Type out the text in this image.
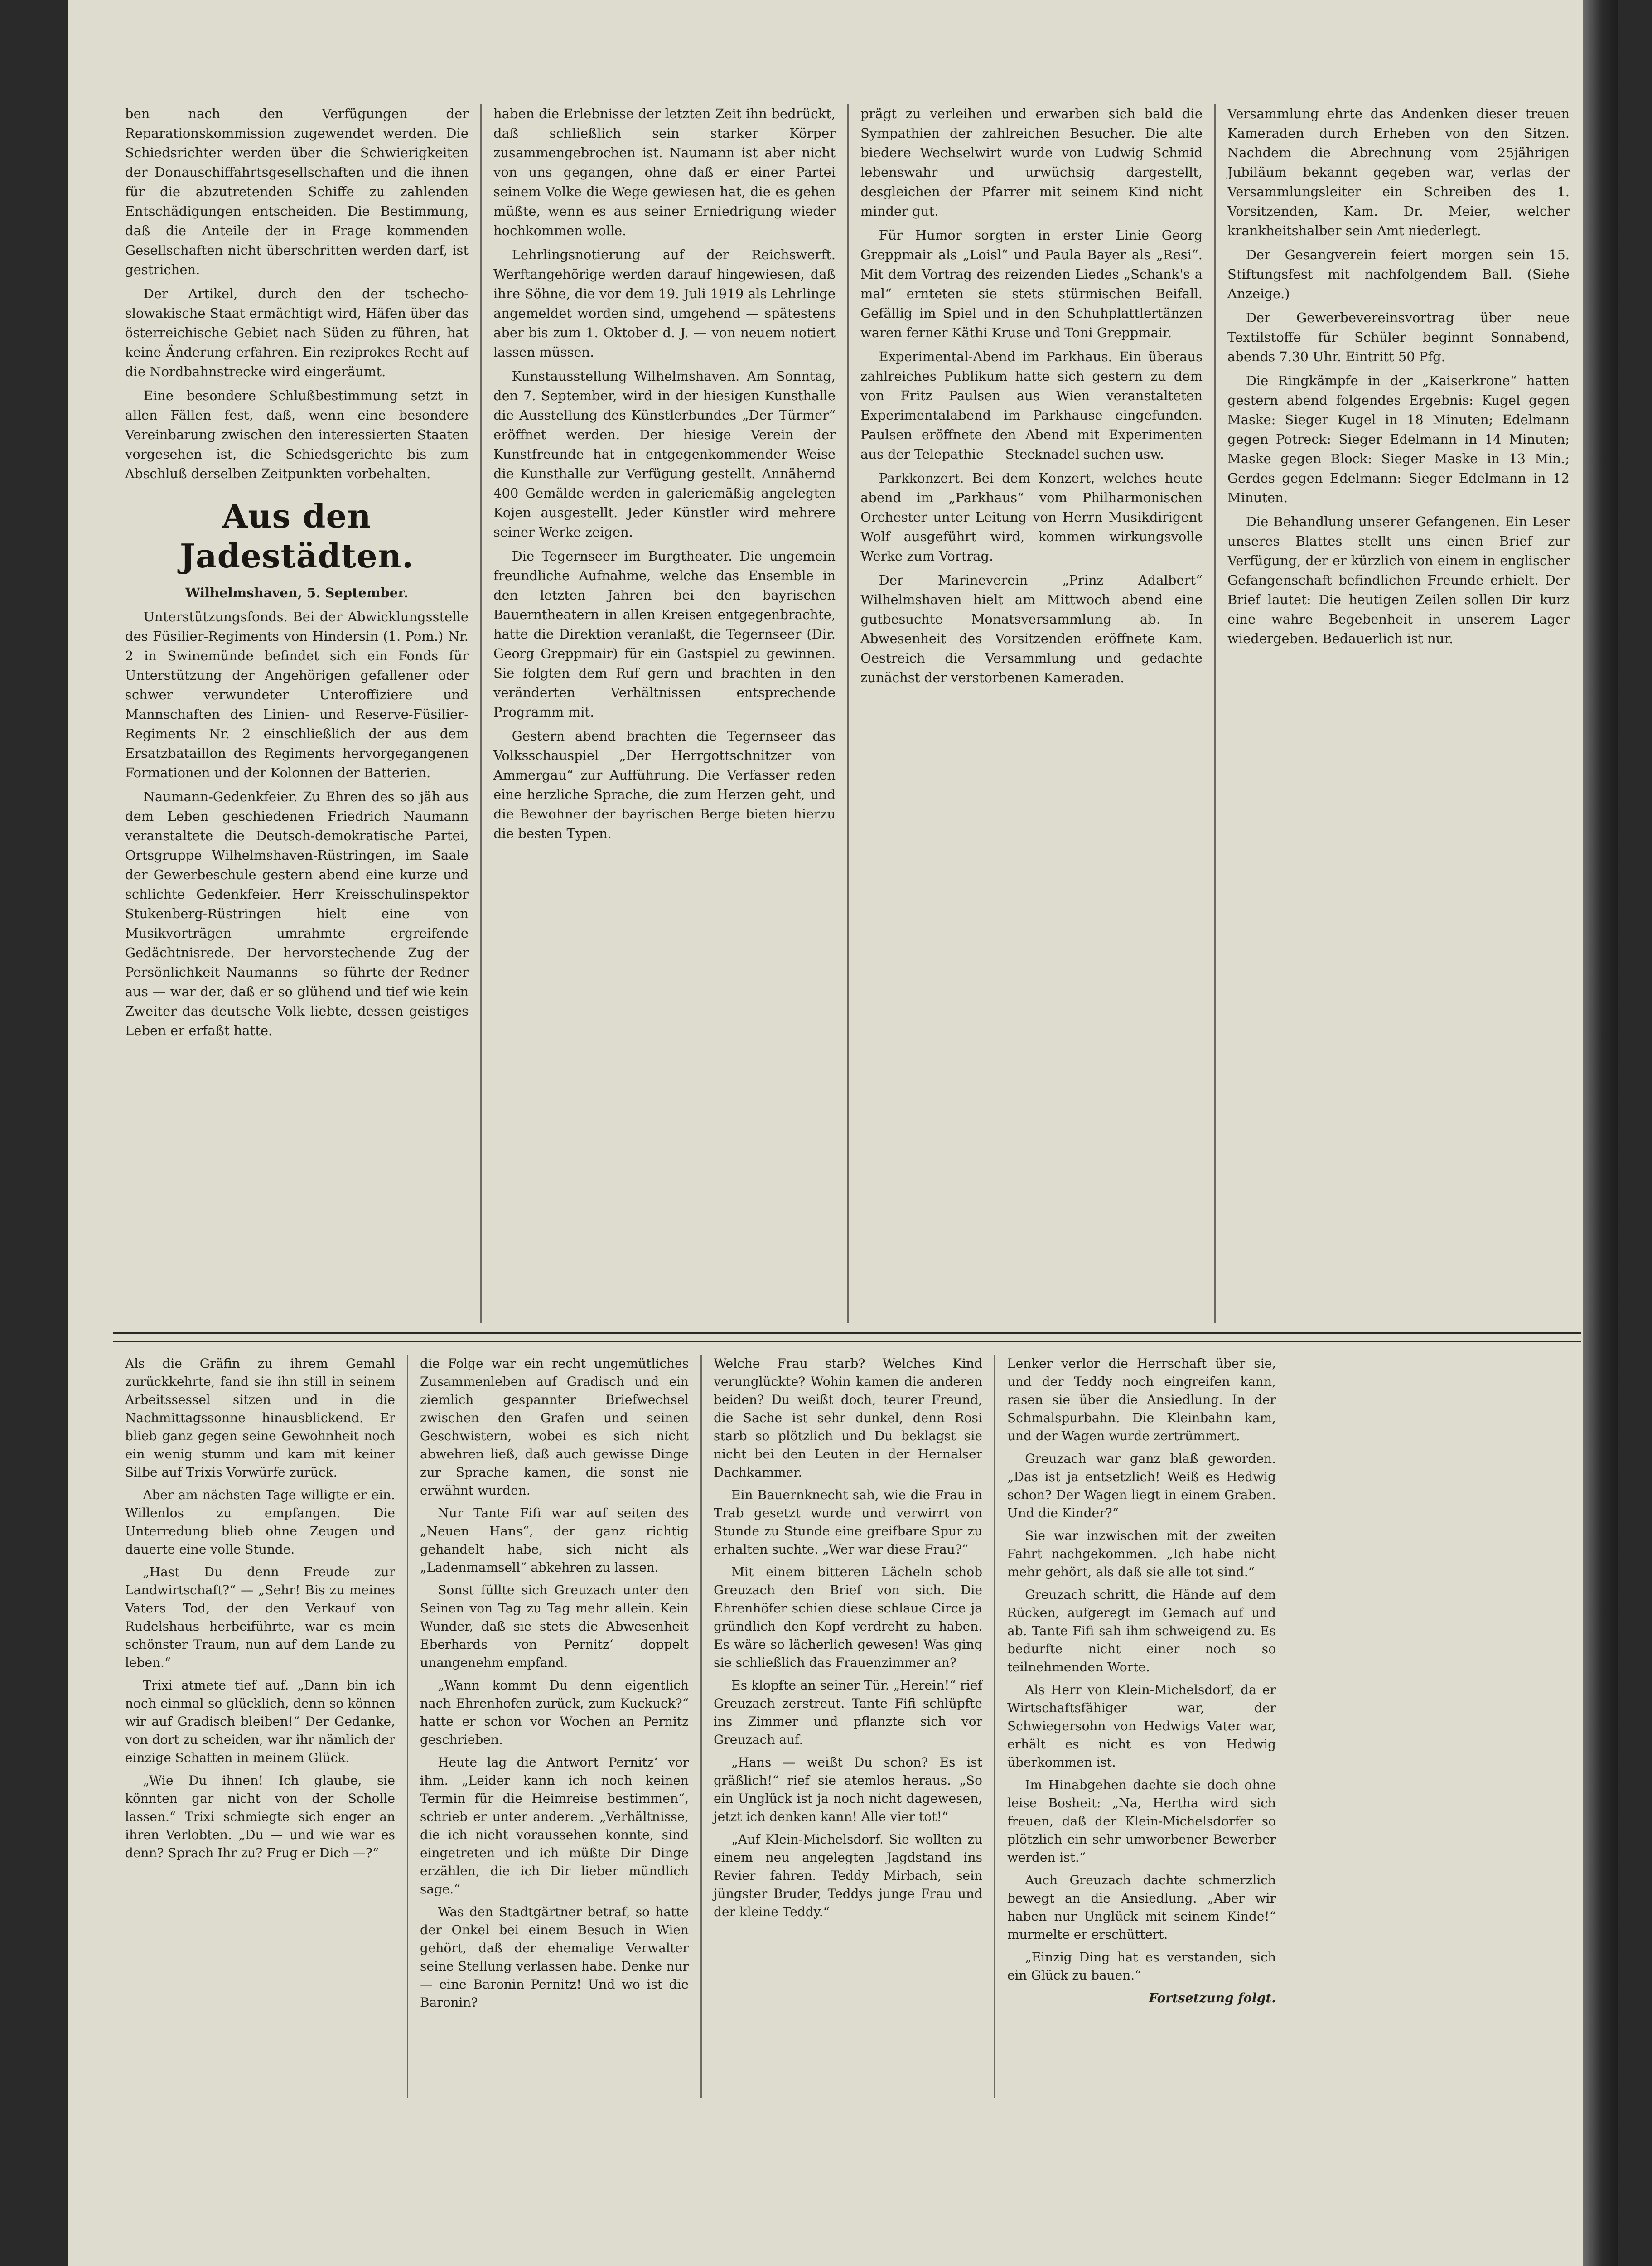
ben nach den Verfügungen der Reparationskommission zugewendet werden. Die Schiedsrichter werden über die Schwierigkeiten der Donauschiffahrtsgesellschaften und die ihnen für die abzutretenden Schiffe zu zahlenden Entschädigungen entscheiden. Die Bestimmung, daß die Anteile der in Frage kommenden Gesellschaften nicht überschritten werden darf, ist gestrichen.

Der Artikel, durch den der tschecho-slowakische Staat ermächtigt wird, Häfen über das österreichische Gebiet nach Süden zu führen, hat keine Änderung erfahren. Ein reziprokes Recht auf die Nordbahnstrecke wird eingeräumt.

Eine besondere Schlußbestimmung setzt in allen Fällen fest, daß, wenn eine besondere Vereinbarung zwischen den interessierten Staaten vorgesehen ist, die Schiedsgerichte bis zum Abschluß derselben Zeitpunkten vorbehalten.

Aus den Jadestädten.

Wilhelmshaven, 5. September.

Unterstützungsfonds. Bei der Abwicklungsstelle des Füsilier-Regiments von Hindersin (1. Pom.) Nr. 2 in Swinemünde befindet sich ein Fonds für Unterstützung der Angehörigen gefallener oder schwer verwundeter Unteroffiziere und Mannschaften des Linien- und Reserve-Füsilier-Regiments Nr. 2 einschließlich der aus dem Ersatzbataillon des Regiments hervorgegangenen Formationen und der Kolonnen der Batterien.

Naumann-Gedenkfeier. Zu Ehren des so jäh aus dem Leben geschiedenen Friedrich Naumann veranstaltete die Deutsch-demokratische Partei, Ortsgruppe Wilhelmshaven-Rüstringen, im Saale der Gewerbeschule gestern abend eine kurze und schlichte Gedenkfeier. Herr Kreisschulinspektor Stukenberg-Rüstringen hielt eine von Musikvorträgen umrahmte ergreifende Gedächtnisrede. Der hervorstechende Zug der Persönlichkeit Naumanns — so führte der Redner aus — war der, daß er so glühend und tief wie kein Zweiter das deutsche Volk liebte, dessen geistiges Leben er erfaßt hatte.

haben die Erlebnisse der letzten Zeit ihn bedrückt, daß schließlich sein starker Körper zusammengebrochen ist. Naumann ist aber nicht von uns gegangen, ohne daß er einer Partei seinem Volke die Wege gewiesen hat, die es gehen müßte, wenn es aus seiner Erniedrigung wieder hochkommen wolle.

Lehrlingsnotierung auf der Reichswerft. Werftangehörige werden darauf hingewiesen, daß ihre Söhne, die vor dem 19. Juli 1919 als Lehrlinge angemeldet worden sind, umgehend — spätestens aber bis zum 1. Oktober d. J. — von neuem notiert lassen müssen.

Kunstausstellung Wilhelmshaven. Am Sonntag, den 7. September, wird in der hiesigen Kunsthalle die Ausstellung des Künstlerbundes „Der Türmer“ eröffnet werden. Der hiesige Verein der Kunstfreunde hat in entgegenkommender Weise die Kunsthalle zur Verfügung gestellt. Annähernd 400 Gemälde werden in galeriemäßig angelegten Kojen ausgestellt. Jeder Künstler wird mehrere seiner Werke zeigen.

Die Tegernseer im Burgtheater. Die ungemein freundliche Aufnahme, welche das Ensemble in den letzten Jahren bei den bayrischen Bauerntheatern in allen Kreisen entgegenbrachte, hatte die Direktion veranlaßt, die Tegernseer (Dir. Georg Greppmair) für ein Gastspiel zu gewinnen. Sie folgten dem Ruf gern und brachten in den veränderten Verhältnissen entsprechende Programm mit.

Gestern abend brachten die Tegernseer das Volksschauspiel „Der Herrgottschnitzer von Ammergau“ zur Aufführung. Die Verfasser reden eine herzliche Sprache, die zum Herzen geht, und die Bewohner der bayrischen Berge bieten hierzu die besten Typen.

prägt zu verleihen und erwarben sich bald die Sympathien der zahlreichen Besucher. Die alte biedere Wechselwirt wurde von Ludwig Schmid lebenswahr und urwüchsig dargestellt, desgleichen der Pfarrer mit seinem Kind nicht minder gut.

Für Humor sorgten in erster Linie Georg Greppmair als „Loisl“ und Paula Bayer als „Resi“. Mit dem Vortrag des reizenden Liedes „Schank's a mal“ ernteten sie stets stürmischen Beifall. Gefällig im Spiel und in den Schuhplattlertänzen waren ferner Käthi Kruse und Toni Greppmair.

Experimental-Abend im Parkhaus. Ein überaus zahlreiches Publikum hatte sich gestern zu dem von Fritz Paulsen aus Wien veranstalteten Experimentalabend im Parkhause eingefunden. Paulsen eröffnete den Abend mit Experimenten aus der Telepathie — Stecknadel suchen usw.

Parkkonzert. Bei dem Konzert, welches heute abend im „Parkhaus“ vom Philharmonischen Orchester unter Leitung von Herrn Musikdirigent Wolf ausgeführt wird, kommen wirkungsvolle Werke zum Vortrag.

Der Marineverein „Prinz Adalbert“ Wilhelmshaven hielt am Mittwoch abend eine gutbesuchte Monatsversammlung ab. In Abwesenheit des Vorsitzenden eröffnete Kam. Oestreich die Versammlung und gedachte zunächst der verstorbenen Kameraden.

Versammlung ehrte das Andenken dieser treuen Kameraden durch Erheben von den Sitzen. Nachdem die Abrechnung vom 25jährigen Jubiläum bekannt gegeben war, verlas der Versammlungsleiter ein Schreiben des 1. Vorsitzenden, Kam. Dr. Meier, welcher krankheitshalber sein Amt niederlegt.

Der Gesangverein feiert morgen sein 15. Stiftungsfest mit nachfolgendem Ball. (Siehe Anzeige.)

Der Gewerbevereinsvortrag über neue Textilstoffe für Schüler beginnt Sonnabend, abends 7.30 Uhr. Eintritt 50 Pfg.

Die Ringkämpfe in der „Kaiserkrone“ hatten gestern abend folgendes Ergebnis: Kugel gegen Maske: Sieger Kugel in 18 Minuten; Edelmann gegen Potreck: Sieger Edelmann in 14 Minuten; Maske gegen Block: Sieger Maske in 13 Min.; Gerdes gegen Edelmann: Sieger Edelmann in 12 Minuten.

Die Behandlung unserer Gefangenen. Ein Leser unseres Blattes stellt uns einen Brief zur Verfügung, der er kürzlich von einem in englischer Gefangenschaft befindlichen Freunde erhielt. Der Brief lautet: Die heutigen Zeilen sollen Dir kurz eine wahre Begebenheit in unserem Lager wiedergeben. Bedauerlich ist nur.

Als die Gräfin zu ihrem Gemahl zurückkehrte, fand sie ihn still in seinem Arbeitssessel sitzen und in die Nachmittagssonne hinausblickend. Er blieb ganz gegen seine Gewohnheit noch ein wenig stumm und kam mit keiner Silbe auf Trixis Vorwürfe zurück.

Aber am nächsten Tage willigte er ein. Willenlos zu empfangen. Die Unterredung blieb ohne Zeugen und dauerte eine volle Stunde.

„Hast Du denn Freude zur Landwirtschaft?“ — „Sehr! Bis zu meines Vaters Tod, der den Verkauf von Rudelshaus herbeiführte, war es mein schönster Traum, nun auf dem Lande zu leben.“

Trixi atmete tief auf. „Dann bin ich noch einmal so glücklich, denn so können wir auf Gradisch bleiben!“ Der Gedanke, von dort zu scheiden, war ihr nämlich der einzige Schatten in meinem Glück.

„Wie Du ihnen! Ich glaube, sie könnten gar nicht von der Scholle lassen.“ Trixi schmiegte sich enger an ihren Verlobten. „Du — und wie war es denn? Sprach Ihr zu? Frug er Dich —?“

die Folge war ein recht ungemütliches Zusammenleben auf Gradisch und ein ziemlich gespannter Briefwechsel zwischen den Grafen und seinen Geschwistern, wobei es sich nicht abwehren ließ, daß auch gewisse Dinge zur Sprache kamen, die sonst nie erwähnt wurden.

Nur Tante Fifi war auf seiten des „Neuen Hans“, der ganz richtig gehandelt habe, sich nicht als „Ladenmamsell“ abkehren zu lassen.

Sonst füllte sich Greuzach unter den Seinen von Tag zu Tag mehr allein. Kein Wunder, daß sie stets die Abwesenheit Eberhards von Pernitz‘ doppelt unangenehm empfand.

„Wann kommt Du denn eigentlich nach Ehrenhofen zurück, zum Kuckuck?“ hatte er schon vor Wochen an Pernitz geschrieben.

Heute lag die Antwort Pernitz‘ vor ihm. „Leider kann ich noch keinen Termin für die Heimreise bestimmen“, schrieb er unter anderem. „Verhältnisse, die ich nicht voraussehen konnte, sind eingetreten und ich müßte Dir Dinge erzählen, die ich Dir lieber mündlich sage.“

Was den Stadtgärtner betraf, so hatte der Onkel bei einem Besuch in Wien gehört, daß der ehemalige Verwalter seine Stellung verlassen habe. Denke nur — eine Baronin Pernitz! Und wo ist die Baronin?

Welche Frau starb? Welches Kind verunglückte? Wohin kamen die anderen beiden? Du weißt doch, teurer Freund, die Sache ist sehr dunkel, denn Rosi starb so plötzlich und Du beklagst sie nicht bei den Leuten in der Hernalser Dachkammer.

Ein Bauernknecht sah, wie die Frau in Trab gesetzt wurde und verwirrt von Stunde zu Stunde eine greifbare Spur zu erhalten suchte. „Wer war diese Frau?“

Mit einem bitteren Lächeln schob Greuzach den Brief von sich. Die Ehrenhöfer schien diese schlaue Circe ja gründlich den Kopf verdreht zu haben. Es wäre so lächerlich gewesen! Was ging sie schließlich das Frauenzimmer an?

Es klopfte an seiner Tür. „Herein!“ rief Greuzach zerstreut. Tante Fifi schlüpfte ins Zimmer und pflanzte sich vor Greuzach auf.

„Hans — weißt Du schon? Es ist gräßlich!“ rief sie atemlos heraus. „So ein Unglück ist ja noch nicht dagewesen, jetzt ich denken kann! Alle vier tot!“

„Auf Klein-Michelsdorf. Sie wollten zu einem neu angelegten Jagdstand ins Revier fahren. Teddy Mirbach, sein jüngster Bruder, Teddys junge Frau und der kleine Teddy.“

Lenker verlor die Herrschaft über sie, und der Teddy noch eingreifen kann, rasen sie über die Ansiedlung. In der Schmalspurbahn. Die Kleinbahn kam, und der Wagen wurde zertrümmert.

Greuzach war ganz blaß geworden. „Das ist ja entsetzlich! Weiß es Hedwig schon? Der Wagen liegt in einem Graben. Und die Kinder?“

Sie war inzwischen mit der zweiten Fahrt nachgekommen. „Ich habe nicht mehr gehört, als daß sie alle tot sind.“

Greuzach schritt, die Hände auf dem Rücken, aufgeregt im Gemach auf und ab. Tante Fifi sah ihm schweigend zu. Es bedurfte nicht einer noch so teilnehmenden Worte.

Als Herr von Klein-Michelsdorf, da er Wirtschaftsfähiger war, der Schwiegersohn von Hedwigs Vater war, erhält es nicht es von Hedwig überkommen ist.

Im Hinabgehen dachte sie doch ohne leise Bosheit: „Na, Hertha wird sich freuen, daß der Klein-Michelsdorfer so plötzlich ein sehr umworbener Bewerber werden ist.“

Auch Greuzach dachte schmerzlich bewegt an die Ansiedlung. „Aber wir haben nur Unglück mit seinem Kinde!“ murmelte er erschüttert.

„Einzig Ding hat es verstanden, sich ein Glück zu bauen.“

Fortsetzung folgt.
